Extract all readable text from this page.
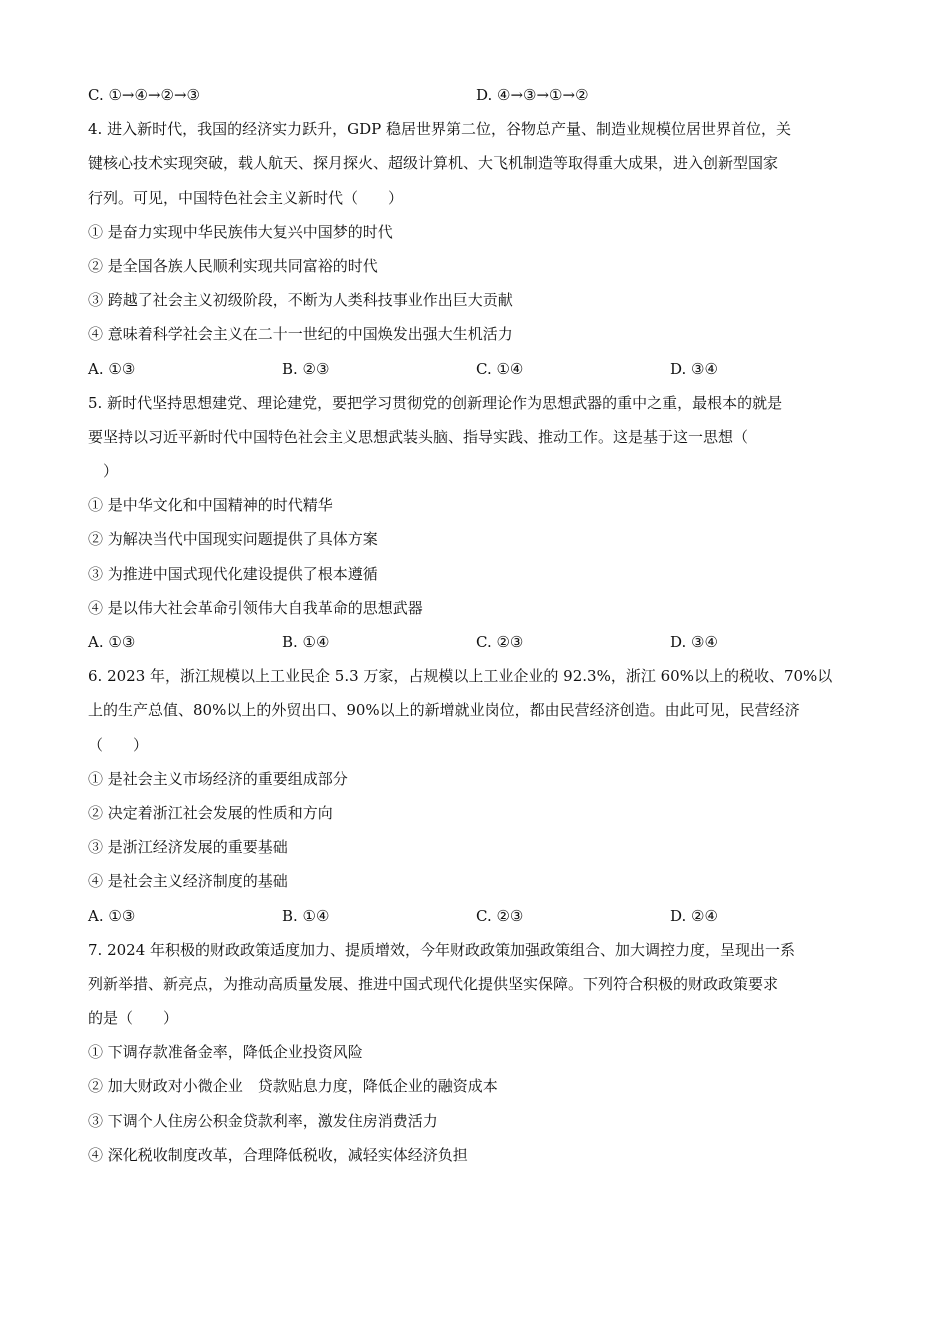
C. ①→④→②→③	D. ④→③→①→②
4. 进入新时代，我国的经济实力跃升，GDP 稳居世界第二位，谷物总产量、制造业规模位居世界首位，关
键核心技术实现突破，载人航天、探月探火、超级计算机、大飞机制造等取得重大成果，进入创新型国家
行列。可见，中国特色社会主义新时代（　　）
① 是奋力实现中华民族伟大复兴中国梦的时代
② 是全国各族人民顺利实现共同富裕的时代
③ 跨越了社会主义初级阶段，不断为人类科技事业作出巨大贡献
④ 意味着科学社会主义在二十一世纪的中国焕发出强大生机活力
A. ①③	B. ②③	C. ①④	D. ③④
5. 新时代坚持思想建党、理论建党，要把学习贯彻党的创新理论作为思想武器的重中之重，最根本的就是
要坚持以习近平新时代中国特色社会主义思想武装头脑、指导实践、推动工作。这是基于这一思想（
　）
① 是中华文化和中国精神的时代精华
② 为解决当代中国现实问题提供了具体方案
③ 为推进中国式现代化建设提供了根本遵循
④ 是以伟大社会革命引领伟大自我革命的思想武器
A. ①③	B. ①④	C. ②③	D. ③④
6. 2023 年，浙江规模以上工业民企 5.3 万家，占规模以上工业企业的 92.3%，浙江 60%以上的税收、70%以
上的生产总值、80%以上的外贸出口、90%以上的新增就业岗位，都由民营经济创造。由此可见，民营经济
（　　）
① 是社会主义市场经济的重要组成部分
② 决定着浙江社会发展的性质和方向
③ 是浙江经济发展的重要基础
④ 是社会主义经济制度的基础
A. ①③	B. ①④	C. ②③	D. ②④
7. 2024 年积极的财政政策适度加力、提质增效，今年财政政策加强政策组合、加大调控力度，呈现出一系
列新举措、新亮点，为推动高质量发展、推进中国式现代化提供坚实保障。下列符合积极的财政政策要求
的是（　　）
① 下调存款准备金率，降低企业投资风险
② 加大财政对小微企业　贷款贴息力度，降低企业的融资成本
③ 下调个人住房公积金贷款利率，激发住房消费活力
④ 深化税收制度改革，合理降低税收，减轻实体经济负担
